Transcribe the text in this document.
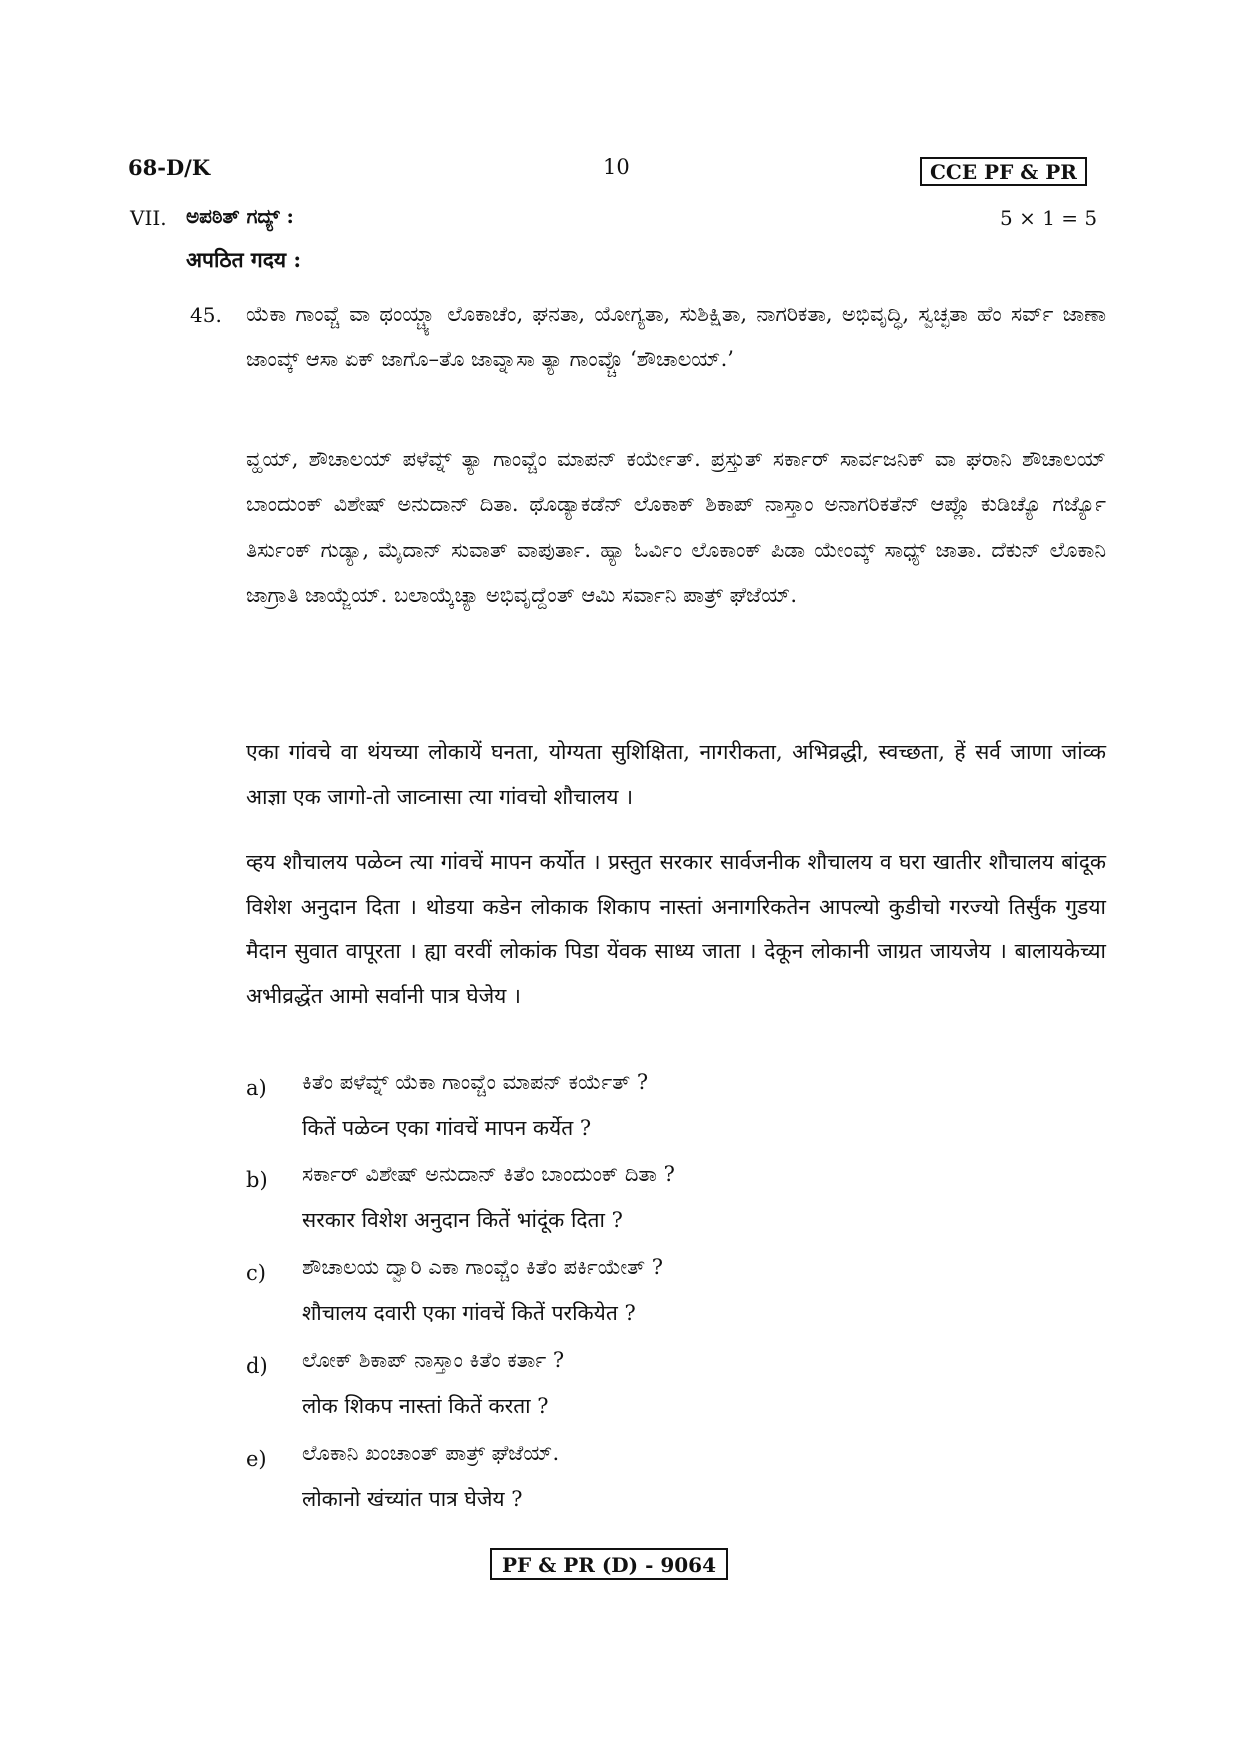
68-D/K	10	CCE PF & PR
VII. ಅಪಠಿತ್ ಗದ್ಯ್ :	5 × 1 = 5
अपठित गदय :
45. ಯೆಕಾ ಗಾಂವ್ಚೆ ವಾ ಥಂಯ್ಚ್ಯಾ ಲೊಕಾಚೆಂ, ಘನತಾ, ಯೋಗ್ಯತಾ, ಸುಶಿಕ್ಷಿತಾ, ನಾಗರಿಕತಾ, ಅಭಿವೃದ್ಧಿ, ಸ್ವಚ್ಛತಾ ಹೆಂ ಸರ್ವ್ ಜಾಣಾ ಜಾಂವ್ಕ್ ಆಸಾ ಏಕ್ ಜಾಗೊ–ತೊ ಜಾವ್ನಾಸಾ ತ್ಯಾ ಗಾಂವ್ಚೊ ‘ಶೌಚಾಲಯ್.’

ವ್ಹಯ್, ಶೌಚಾಲಯ್ ಪಳೆವ್ನ್ ತ್ಯಾ ಗಾಂವ್ಚೆಂ ಮಾಪನ್ ಕರ್ಯೇತ್. ಪ್ರಸ್ತುತ್ ಸರ್ಕಾರ್ ಸಾರ್ವಜನಿಕ್ ವಾ ಘರಾನಿ ಶೌಚಾಲಯ್ ಬಾಂದುಂಕ್ ವಿಶೇಷ್ ಅನುದಾನ್ ದಿತಾ. ಥೊಡ್ಯಾಕಡೆನ್ ಲೊಕಾಕ್ ಶಿಕಾಪ್ ನಾಸ್ತಾಂ ಅನಾಗರಿಕತೆನ್ ಆಪ್ಲೊ ಕುಡಿಚ್ಯೊ ಗರ್ಜ್ಯೊ ತಿರ್ಸುಂಕ್ ಗುಡ್ಯಾ, ಮೈದಾನ್ ಸುವಾತ್ ವಾಪುರ್ತಾ. ಹ್ಯಾ ಓರ್ವಿಂ ಲೊಕಾಂಕ್ ಪಿಡಾ ಯೇಂವ್ಕ್ ಸಾಧ್ಯ್ ಜಾತಾ. ದೆಕುನ್ ಲೊಕಾನಿ ಜಾಗ್ರಾತಿ ಜಾಯ್ಜೆಯ್. ಬಲಾಯ್ಕೆಚ್ಯಾ ಅಭಿವೃದ್ದೆಂತ್ ಆಮಿ ಸರ್ವಾನಿ ಪಾತ್ರ್ ಘೆಜೆಯ್.

एका गांवचे वा थंयच्या लोकायें घनता, योग्यता सुशिक्षिता, नागरीकता, अभिव्रद्धी, स्वच्छता, हें सर्व जाणा जांव्क आज्ञा एक जागो-तो जाव्नासा त्या गांवचो शौचालय ।

व्हय शौचालय पळेव्न त्या गांवचें मापन कर्योत । प्रस्तुत सरकार सार्वजनीक शौचालय व घरा खातीर शौचालय बांदूक विशेश अनुदान दिता । थोडया कडेन लोकाक शिकाप नास्तां अनागरिकतेन आपल्यो कुडीचो गरज्यो तिर्सुंक गुडया मैदान सुवात वापूरता । ह्या वरवीं लोकांक पिडा येंवक साध्य जाता । देकून लोकानी जाग्रत जायजेय । बालायकेच्या अभीव्रद्धेंत आमो सर्वानी पात्र घेजेय ।

a) ಕಿತೆಂ ಪಳೆವ್ನ್ ಯೆಕಾ ಗಾಂವ್ಚೆಂ ಮಾಪನ್ ಕರ್ಯೆತ್ ?
कितें पळेव्न एका गांवचें मापन कर्येत ?
b) ಸರ್ಕಾರ್ ವಿಶೇಷ್ ಅನುದಾನ್ ಕಿತೆಂ ಬಾಂದುಂಕ್ ದಿತಾ ?
सरकार विशेश अनुदान कितें भांदूंक दिता ?
c) ಶೌಚಾಲಯ ದ್ವಾರಿ ಎಕಾ ಗಾಂವ್ಚೆಂ ಕಿತೆಂ ಪರ್ಕಿಯೇತ್ ?
शौचालय दवारी एका गांवचें कितें परकियेत ?
d) ಲೋಕ್ ಶಿಕಾಪ್ ನಾಸ್ತಾಂ ಕಿತೆಂ ಕರ್ತಾ ?
लोक शिकप नास्तां कितें करता ?
e) ಲೊಕಾನಿ ಖಂಚಾಂತ್ ಪಾತ್ರ್ ಘೆಜೆಯ್.
लोकानो खंच्यांत पात्र घेजेय ?
PF & PR (D) - 9064
